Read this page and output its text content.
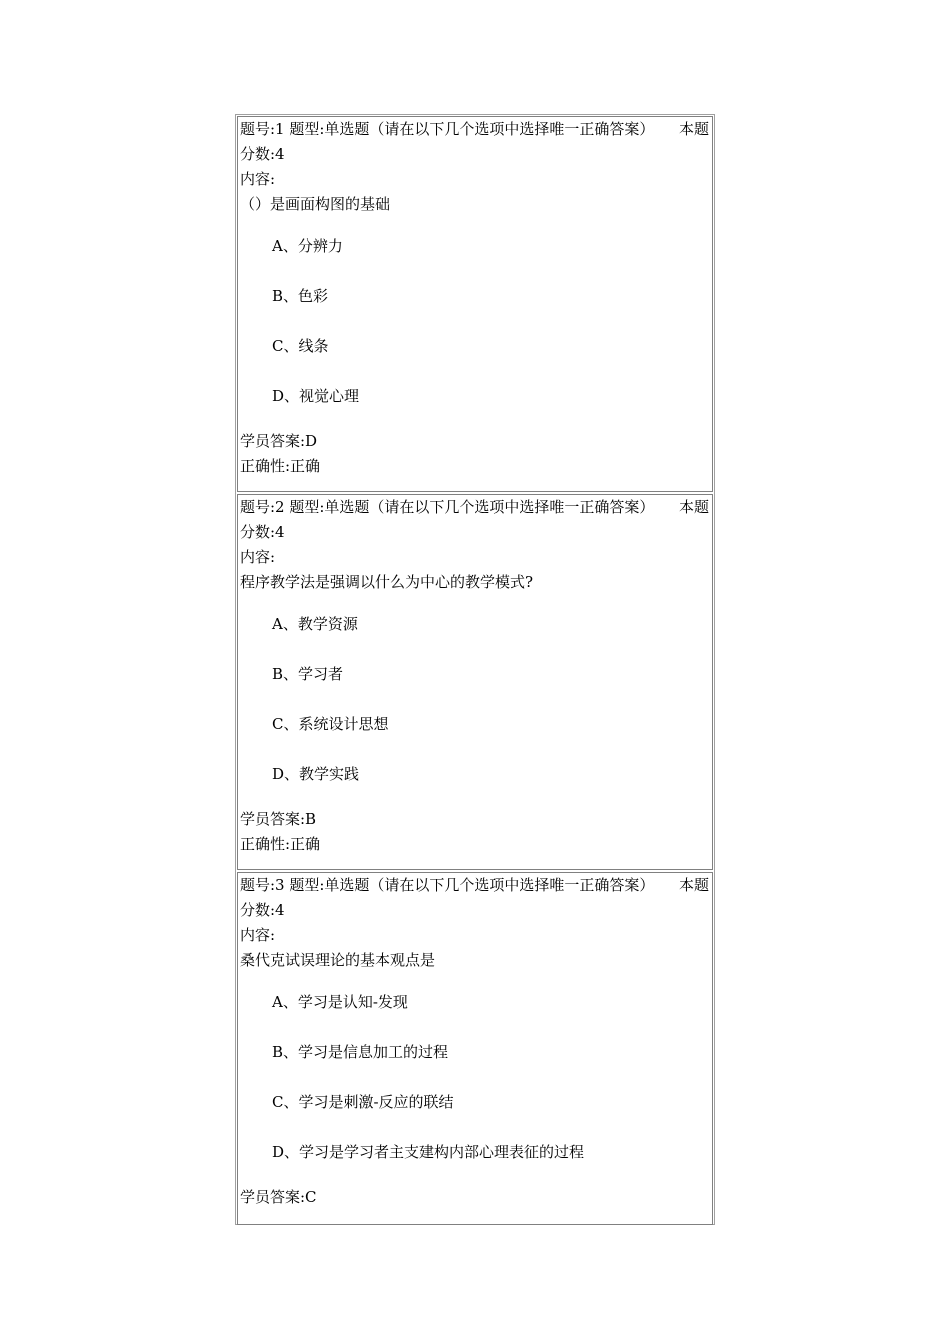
题号:1 题型:单选题（请在以下几个选项中选择唯一正确答案） 本题
分数:4
内容:
（）是画面构图的基础
A、分辨力
B、色彩
C、线条
D、视觉心理
学员答案:D
正确性:正确
题号:2 题型:单选题（请在以下几个选项中选择唯一正确答案） 本题
分数:4
内容:
程序教学法是强调以什么为中心的教学模式?
A、教学资源
B、学习者
C、系统设计思想
D、教学实践
学员答案:B
正确性:正确
题号:3 题型:单选题（请在以下几个选项中选择唯一正确答案） 本题
分数:4
内容:
桑代克试误理论的基本观点是
A、学习是认知-发现
B、学习是信息加工的过程
C、学习是刺激-反应的联结
D、学习是学习者主支建构内部心理表征的过程
学员答案:C
